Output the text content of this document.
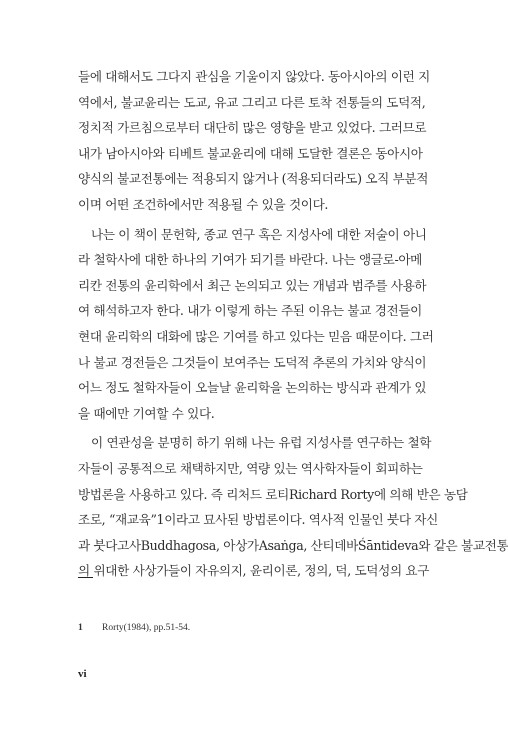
들에 대해서도 그다지 관심을 기울이지 않았다. 동아시아의 이런 지
역에서, 불교윤리는 도교, 유교 그리고 다른 토착 전통들의 도덕적,
정치적 가르침으로부터 대단히 많은 영향을 받고 있었다. 그러므로
내가 남아시아와 티베트 불교윤리에 대해 도달한 결론은 동아시아
양식의 불교전통에는 적용되지 않거나 (적용되더라도) 오직 부분적
이며 어떤 조건하에서만 적용될 수 있을 것이다.
나는 이 책이 문헌학, 종교 연구 혹은 지성사에 대한 저술이 아니
라 철학사에 대한 하나의 기여가 되기를 바란다. 나는 앵글로-아메
리칸 전통의 윤리학에서 최근 논의되고 있는 개념과 범주를 사용하
여 해석하고자 한다. 내가 이렇게 하는 주된 이유는 불교 경전들이
현대 윤리학의 대화에 많은 기여를 하고 있다는 믿음 때문이다. 그러
나 불교 경전들은 그것들이 보여주는 도덕적 추론의 가치와 양식이
어느 정도 철학자들이 오늘날 윤리학을 논의하는 방식과 관계가 있
을 때에만 기여할 수 있다.
이 연관성을 분명히 하기 위해 나는 유럽 지성사를 연구하는 철학
자들이 공통적으로 채택하지만, 역량 있는 역사학자들이 회피하는
방법론을 사용하고 있다. 즉 리처드 로티Richard Rorty에 의해 반은 농담
조로, “재교육”1이라고 묘사된 방법론이다. 역사적 인물인 붓다 자신
과 붓다고사Buddhagosa, 아상가Asaṅga, 산티데바Śāntideva와 같은 불교전통
의 위대한 사상가들이 자유의지, 윤리이론, 정의, 덕, 도덕성의 요구
1 Rorty(1984), pp.51-54.
vi
